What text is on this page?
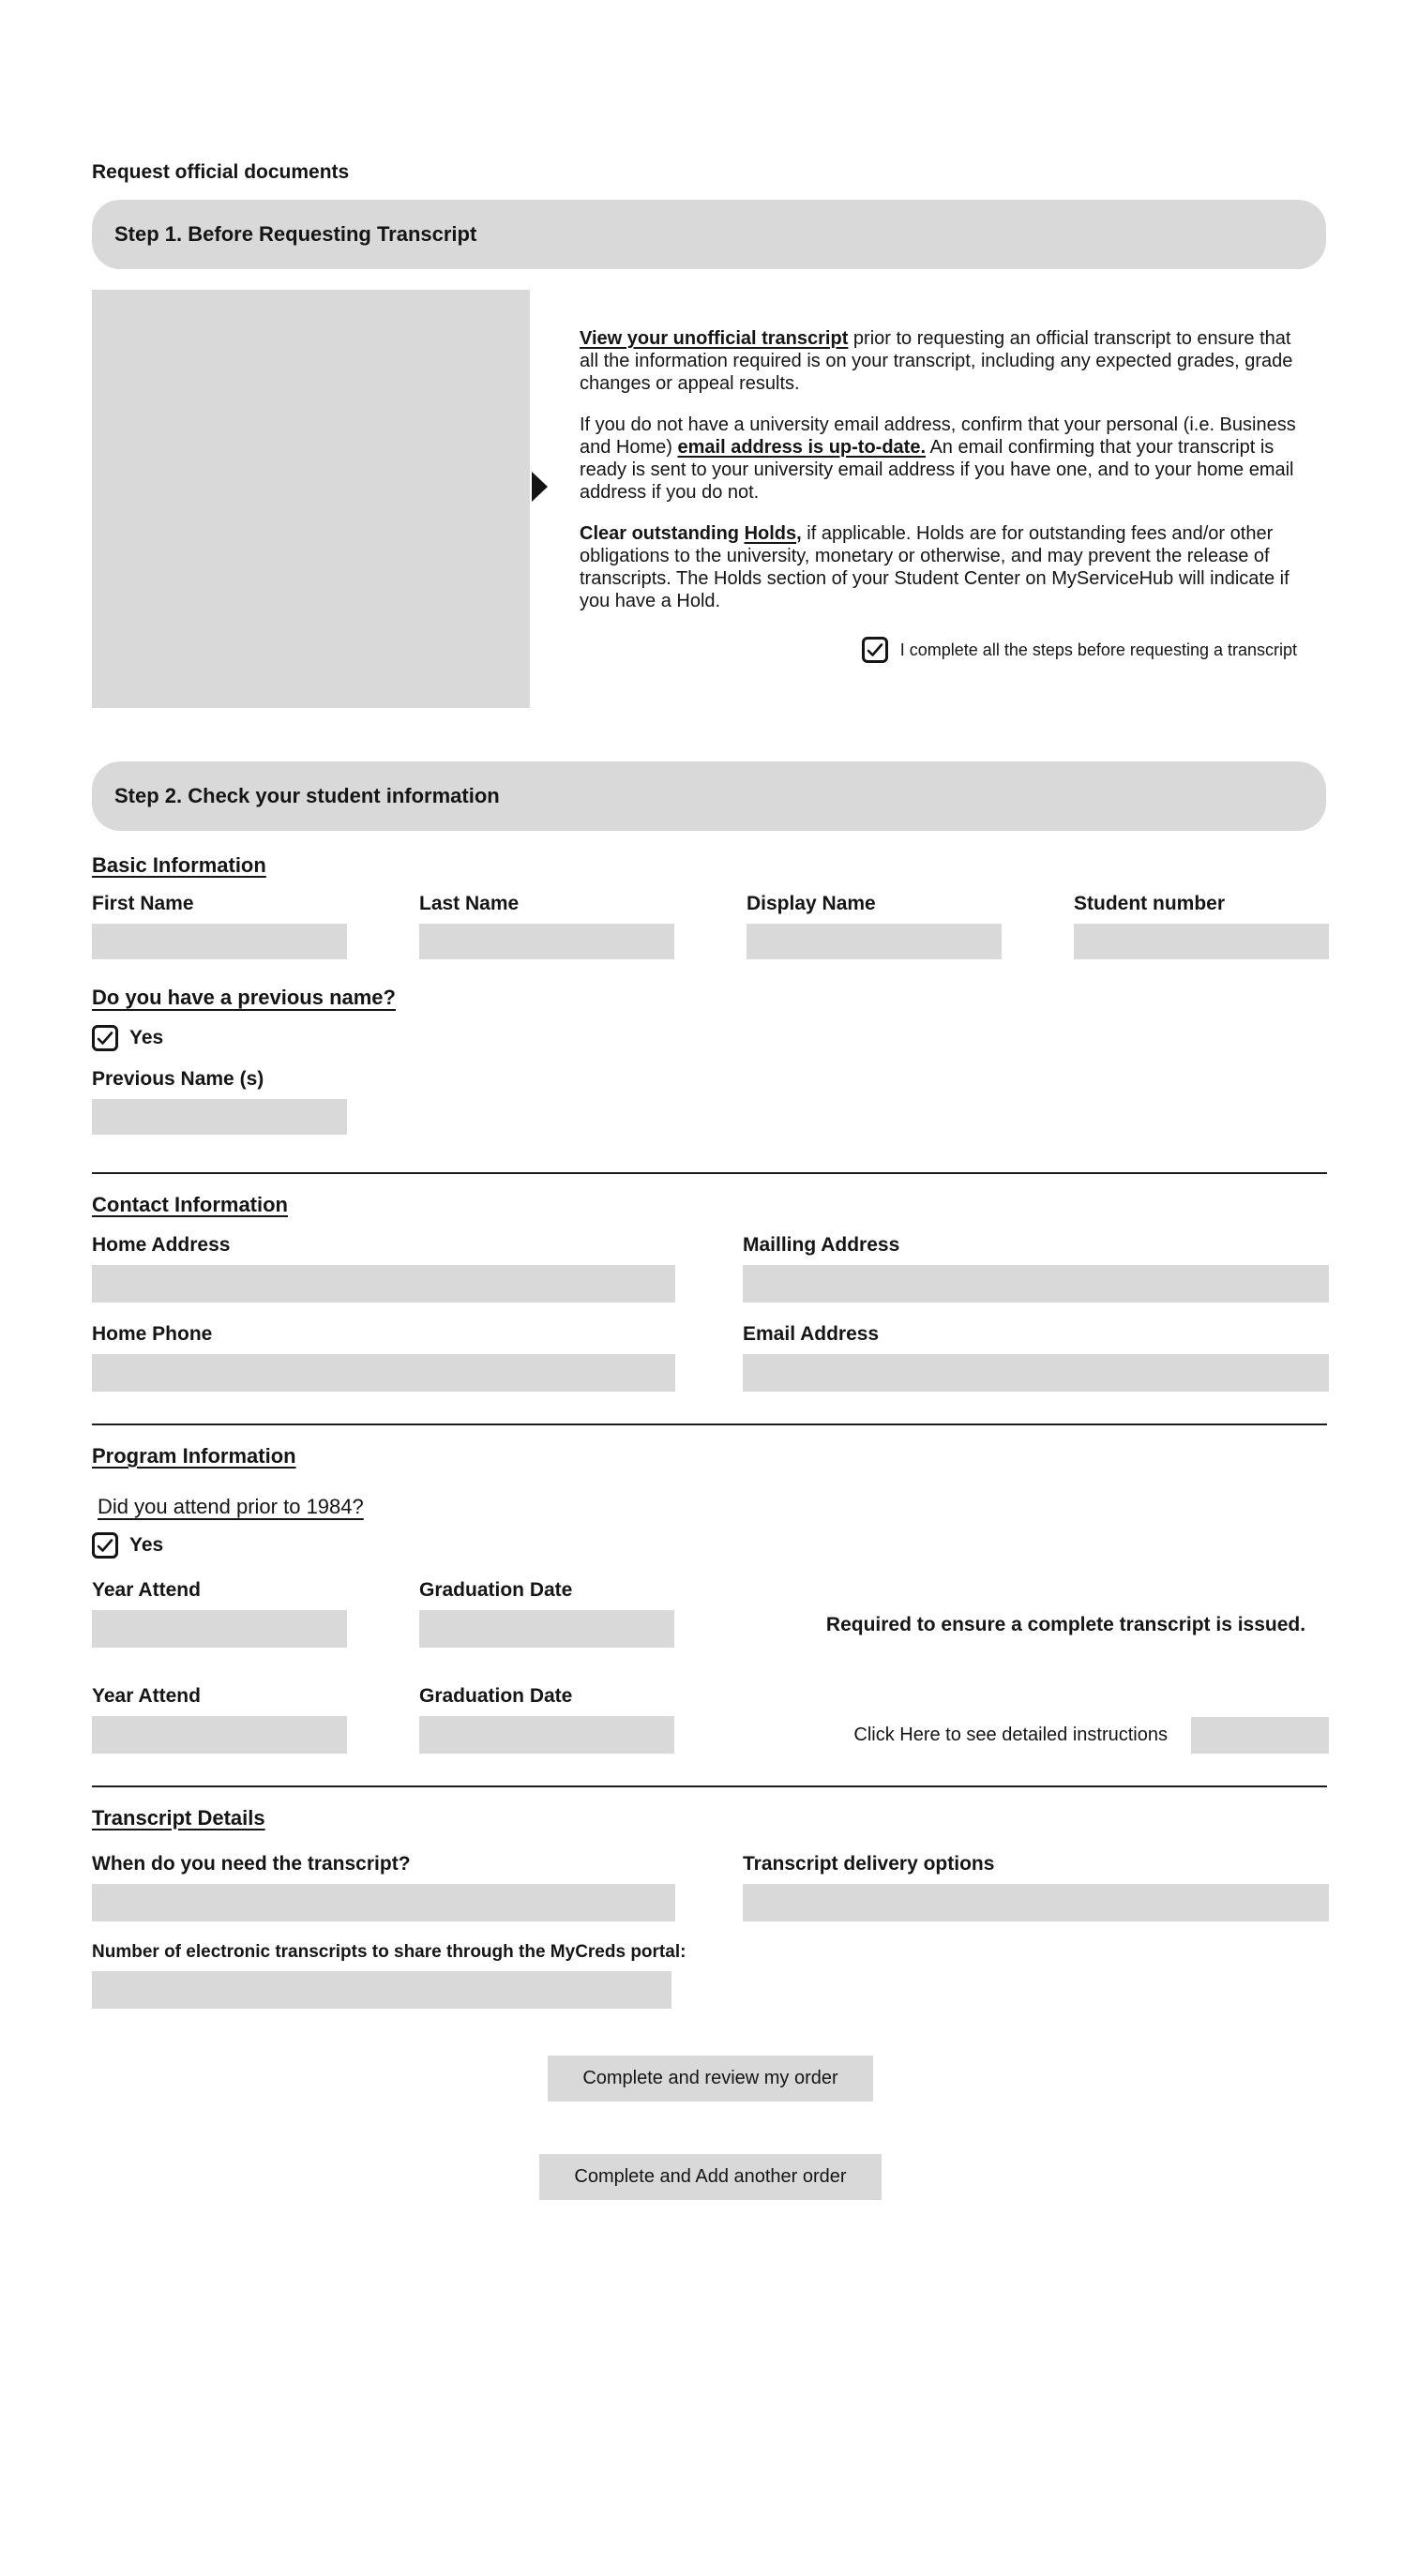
Request official documents
Step 1. Before Requesting Transcript

View your unofficial transcript prior to requesting an official transcript to ensure that all the information required is on your transcript, including any expected grades, grade changes or appeal results.

If you do not have a university email address, confirm that your personal (i.e. Business and Home) email address is up-to-date. An email confirming that your transcript is ready is sent to your university email address if you have one, and to your home email address if you do not.

Clear outstanding Holds, if applicable. Holds are for outstanding fees and/or other obligations to the university, monetary or otherwise, and may prevent the release of transcripts. The Holds section of your Student Center on MyServiceHub will indicate if you have a Hold.

I complete all the steps before requesting a transcript
Step 2. Check your student information
Basic Information
First Name	Last Name	Display Name	Student number
Do you have a previous name?
Yes
Previous Name (s)
Contact Information
Home Address	Mailling Address
Home Phone	Email Address
Program Information
Did you attend prior to 1984?
Yes
Year Attend	Graduation Date
Required to ensure a complete transcript is issued.
Year Attend	Graduation Date
Click Here to see detailed instructions
Transcript Details
When do you need the transcript?	Transcript delivery options
Number of electronic transcripts to share through the MyCreds portal:
Complete and review my order
Complete and Add another order
